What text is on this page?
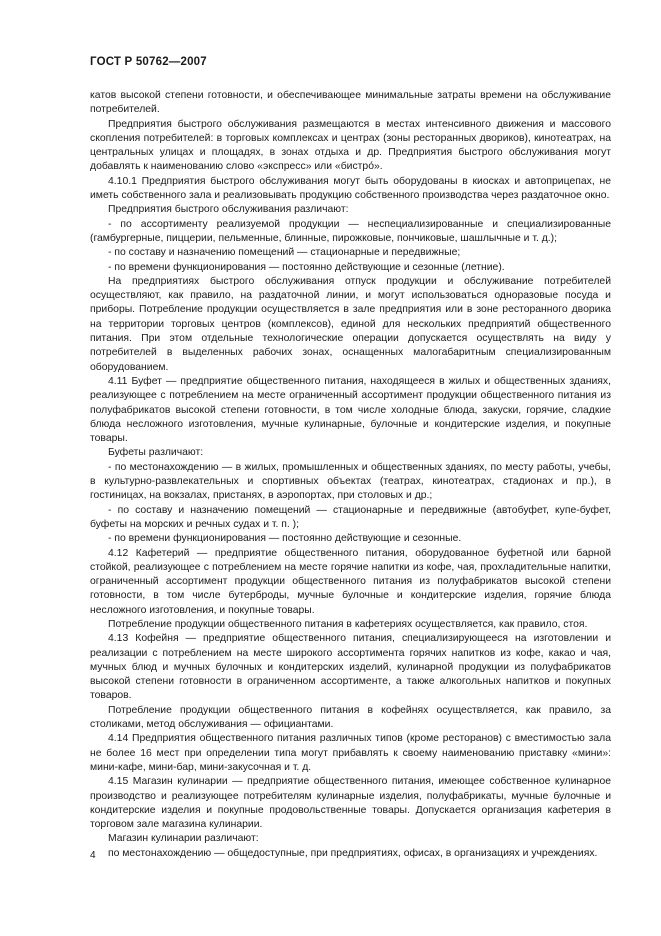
ГОСТ Р 50762—2007

катов высокой степени готовности, и обеспечивающее минимальные затраты времени на обслуживание потребителей.

Предприятия быстрого обслуживания размещаются в местах интенсивного движения и массового скопления потребителей: в торговых комплексах и центрах (зоны ресторанных двориков), кинотеатрах, на центральных улицах и площадях, в зонах отдыха и др. Предприятия быстрого обслуживания могут добавлять к наименованию слово «экспресс» или «бистро́».

4.10.1 Предприятия быстрого обслуживания могут быть оборудованы в киосках и автоприцепах, не иметь собственного зала и реализовывать продукцию собственного производства через раздаточное окно.

Предприятия быстрого обслуживания различают:

- по ассортименту реализуемой продукции — неспециализированные и специализированные (гамбургерные, пиццерии, пельменные, блинные, пирожковые, пончиковые, шашлычные и т. д.);

- по составу и назначению помещений — стационарные и передвижные;

- по времени функционирования — постоянно действующие и сезонные (летние).

На предприятиях быстрого обслуживания отпуск продукции и обслуживание потребителей осуществляют, как правило, на раздаточной линии, и могут использоваться одноразовые посуда и приборы. Потребление продукции осуществляется в зале предприятия или в зоне ресторанного дворика на территории торговых центров (комплексов), единой для нескольких предприятий общественного питания. При этом отдельные технологические операции допускается осуществлять на виду у потребителей в выделенных рабочих зонах, оснащенных малогабаритным специализированным оборудованием.

4.11 Буфет — предприятие общественного питания, находящееся в жилых и общественных зданиях, реализующее с потреблением на месте ограниченный ассортимент продукции общественного питания из полуфабрикатов высокой степени готовности, в том числе холодные блюда, закуски, горячие, сладкие блюда несложного изготовления, мучные кулинарные, булочные и кондитерские изделия, и покупные товары.

Буфеты различают:

- по местонахождению — в жилых, промышленных и общественных зданиях, по месту работы, учебы, в культурно-развлекательных и спортивных объектах (театрах, кинотеатрах, стадионах и пр.), в гостиницах, на вокзалах, пристанях, в аэропортах, при столовых и др.;

- по составу и назначению помещений — стационарные и передвижные (автобуфет, купе-буфет, буфеты на морских и речных судах и т. п. );

- по времени функционирования — постоянно действующие и сезонные.

4.12 Кафетерий — предприятие общественного питания, оборудованное буфетной или барной стойкой, реализующее с потреблением на месте горячие напитки из кофе, чая, прохладительные напитки, ограниченный ассортимент продукции общественного питания из полуфабрикатов высокой степени готовности, в том числе бутерброды, мучные булочные и кондитерские изделия, горячие блюда несложного изготовления, и покупные товары.

Потребление продукции общественного питания в кафетериях осуществляется, как правило, стоя.

4.13 Кофейня — предприятие общественного питания, специализирующееся на изготовлении и реализации с потреблением на месте широкого ассортимента горячих напитков из кофе, какао и чая, мучных блюд и мучных булочных и кондитерских изделий, кулинарной продукции из полуфабрикатов высокой степени готовности в ограниченном ассортименте, а также алкогольных напитков и покупных товаров.

Потребление продукции общественного питания в кофейнях осуществляется, как правило, за столиками, метод обслуживания — официантами.

4.14 Предприятия общественного питания различных типов (кроме ресторанов) с вместимостью зала не более 16 мест при определении типа могут прибавлять к своему наименованию приставку «мини»: мини-кафе, мини-бар, мини-закусочная и т. д.

4.15 Магазин кулинарии — предприятие общественного питания, имеющее собственное кулинарное производство и реализующее потребителям кулинарные изделия, полуфабрикаты, мучные булочные и кондитерские изделия и покупные продовольственные товары. Допускается организация кафетерия в торговом зале магазина кулинарии.

Магазин кулинарии различают:

по местонахождению — общедоступные, при предприятиях, офисах, в организациях и учреждениях.

4
